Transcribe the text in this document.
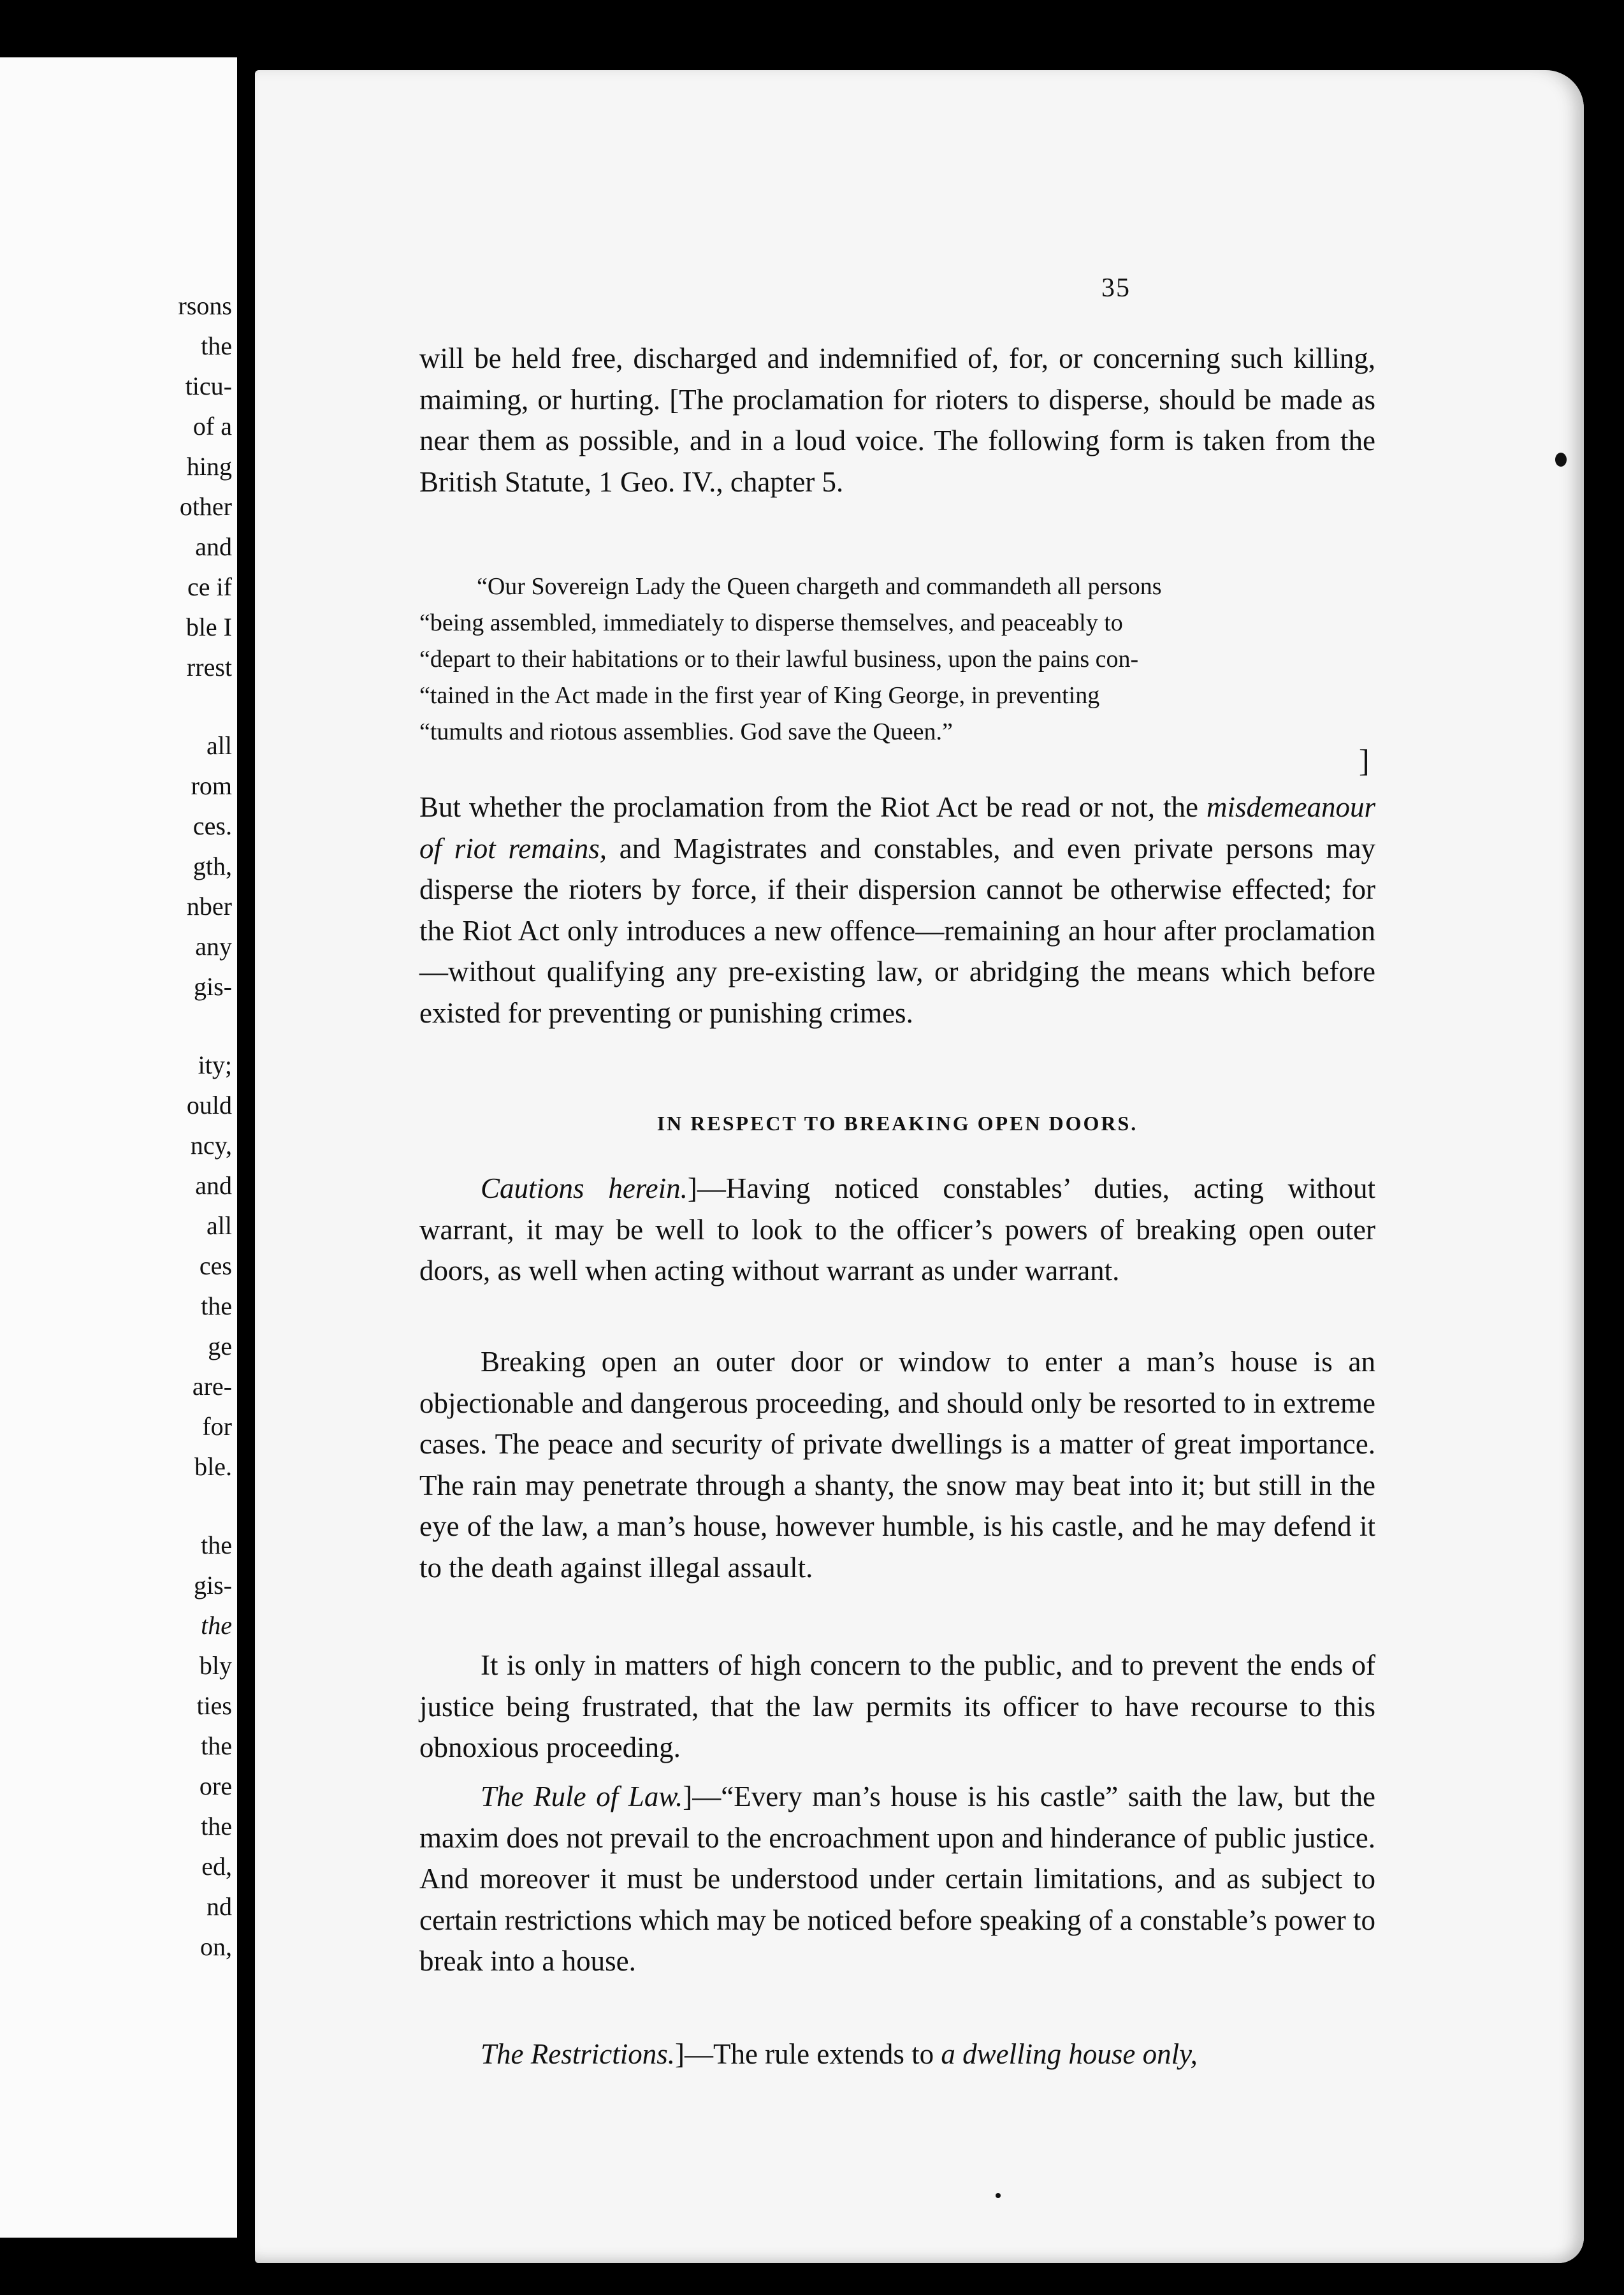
rsons
the
ticu-
of a
hing
other
and
ce if
ble I
rrest
all
rom
ces.
gth,
nber
any
gis-
ity;
ould
ncy,
and
all
ces
the
ge
are-
for
ble.
the
gis-
the
bly
ties
the
ore
the
ed,
nd
on,
35

will be held free, discharged and indemnified of, for, or concerning such killing, maiming, or hurting. [The proclamation for rioters to disperse, should be made as near them as possible, and in a loud voice. The following form is taken from the British Statute, 1 Geo. IV., chapter 5.

“Our Sovereign Lady the Queen chargeth and commandeth all persons
“being assembled, immediately to disperse themselves, and peaceably to
“depart to their habitations or to their lawful business, upon the pains con-
“tained in the Act made in the first year of King George, in preventing
“tumults and riotous assemblies. God save the Queen.”
]

But whether the proclamation from the Riot Act be read or not, the misdemeanour of riot remains, and Magistrates and constables, and even private persons may disperse the rioters by force, if their dispersion cannot be otherwise effected; for the Riot Act only introduces a new offence—remaining an hour after proclamation—without qualifying any pre-existing law, or abridging the means which before existed for preventing or punishing crimes.

IN RESPECT TO BREAKING OPEN DOORS.

Cautions herein.]—Having noticed constables’ duties, acting without warrant, it may be well to look to the officer’s powers of breaking open outer doors, as well when acting without warrant as under warrant.

Breaking open an outer door or window to enter a man’s house is an objectionable and dangerous proceeding, and should only be resorted to in extreme cases. The peace and security of private dwellings is a matter of great importance. The rain may penetrate through a shanty, the snow may beat into it; but still in the eye of the law, a man’s house, however humble, is his castle, and he may defend it to the death against illegal assault.

It is only in matters of high concern to the public, and to prevent the ends of justice being frustrated, that the law permits its officer to have recourse to this obnoxious proceeding.

The Rule of Law.]—“Every man’s house is his castle” saith the law, but the maxim does not prevail to the encroachment upon and hinderance of public justice. And moreover it must be understood under certain limitations, and as subject to certain restrictions which may be noticed before speaking of a constable’s power to break into a house.

The Restrictions.]—The rule extends to a dwelling house only,
